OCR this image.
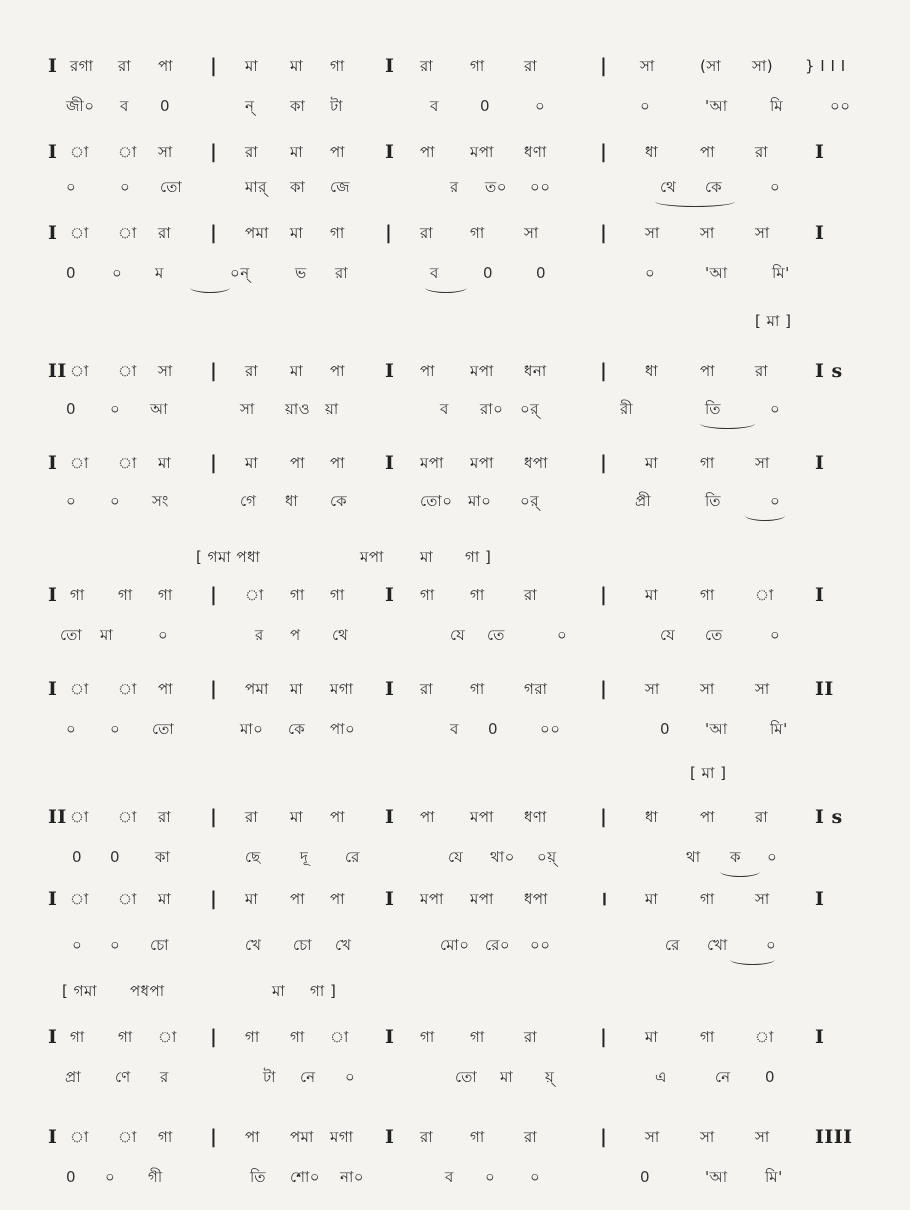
I রগা রা পা | মা মা গা I রা গা	রা	| সা	(সা সা) } I I I
জী০ ব 0	ন্ কা টা	ব	0	০	০	'আ	মি	০০
I া া সা | রা মা পা I পা মপা ধণা	|	ধা	পা	রা I
০	০ তো	মার্ কা জে	র ত০ ০০	থে কে	০
I া া রা | পমা মা গা | রা গা	সা	|	সা	সা	সা I
0 ০ ম	০ন্	ভ রা	ব	0	0	০	'আ	মি'
[ মা ]
II া া সা | রা মা পা I পা মপা ধনা	|	ধা	পা	রা I s
0 ০ আ	সা য়াও য়া	ব রা০ ০র্	রী	তি	০
I া া মা | মা পা পা I মপা মপা ধপা	|	মা	গা	সা I
০ ০ সং	গে ধা কে	তো০ মা০ ০র্	প্রী	তি	০
[ গমা পধা	মপা মা গা ]
I গা গা গা | া গা গা I গা গা	রা	|	মা	গা	া I
তো মা	০	র প থে	যে তে	০	যে তে	০
I া া পা | পমা মা মগা I রা গা	গরা	|	সা	সা	সা II
০ ০ তো	মা০ কে পা০	ব 0	০০	0 'আ	মি'
[ মা ]
II া া রা | রা মা পা I পা মপা ধণা	|	ধা	পা	রা I s
0 0 কা	ছে	দূ রে	যে থা০ ০য়্	থা ক ০
I া া মা | মা পা পা I মপা মপা ধপা	। মা	গা	সা I
০ ০ চো	খে চো খে	মো০ রে০ ০০	রে খো	০
[ গমা পধপা	মা গা ]
I গা গা া | গা গা া I গা গা	রা	|	মা	গা	া I
প্রা ণে র	টা নে ০	তো মা য়্	এ	নে 0
I া া গা | পা পমা মগা I রা গা	রা	|	সা	সা	সা IIII
0 ০ গী	তি শো০ না০	ব ০ ০	0	'আ মি'
